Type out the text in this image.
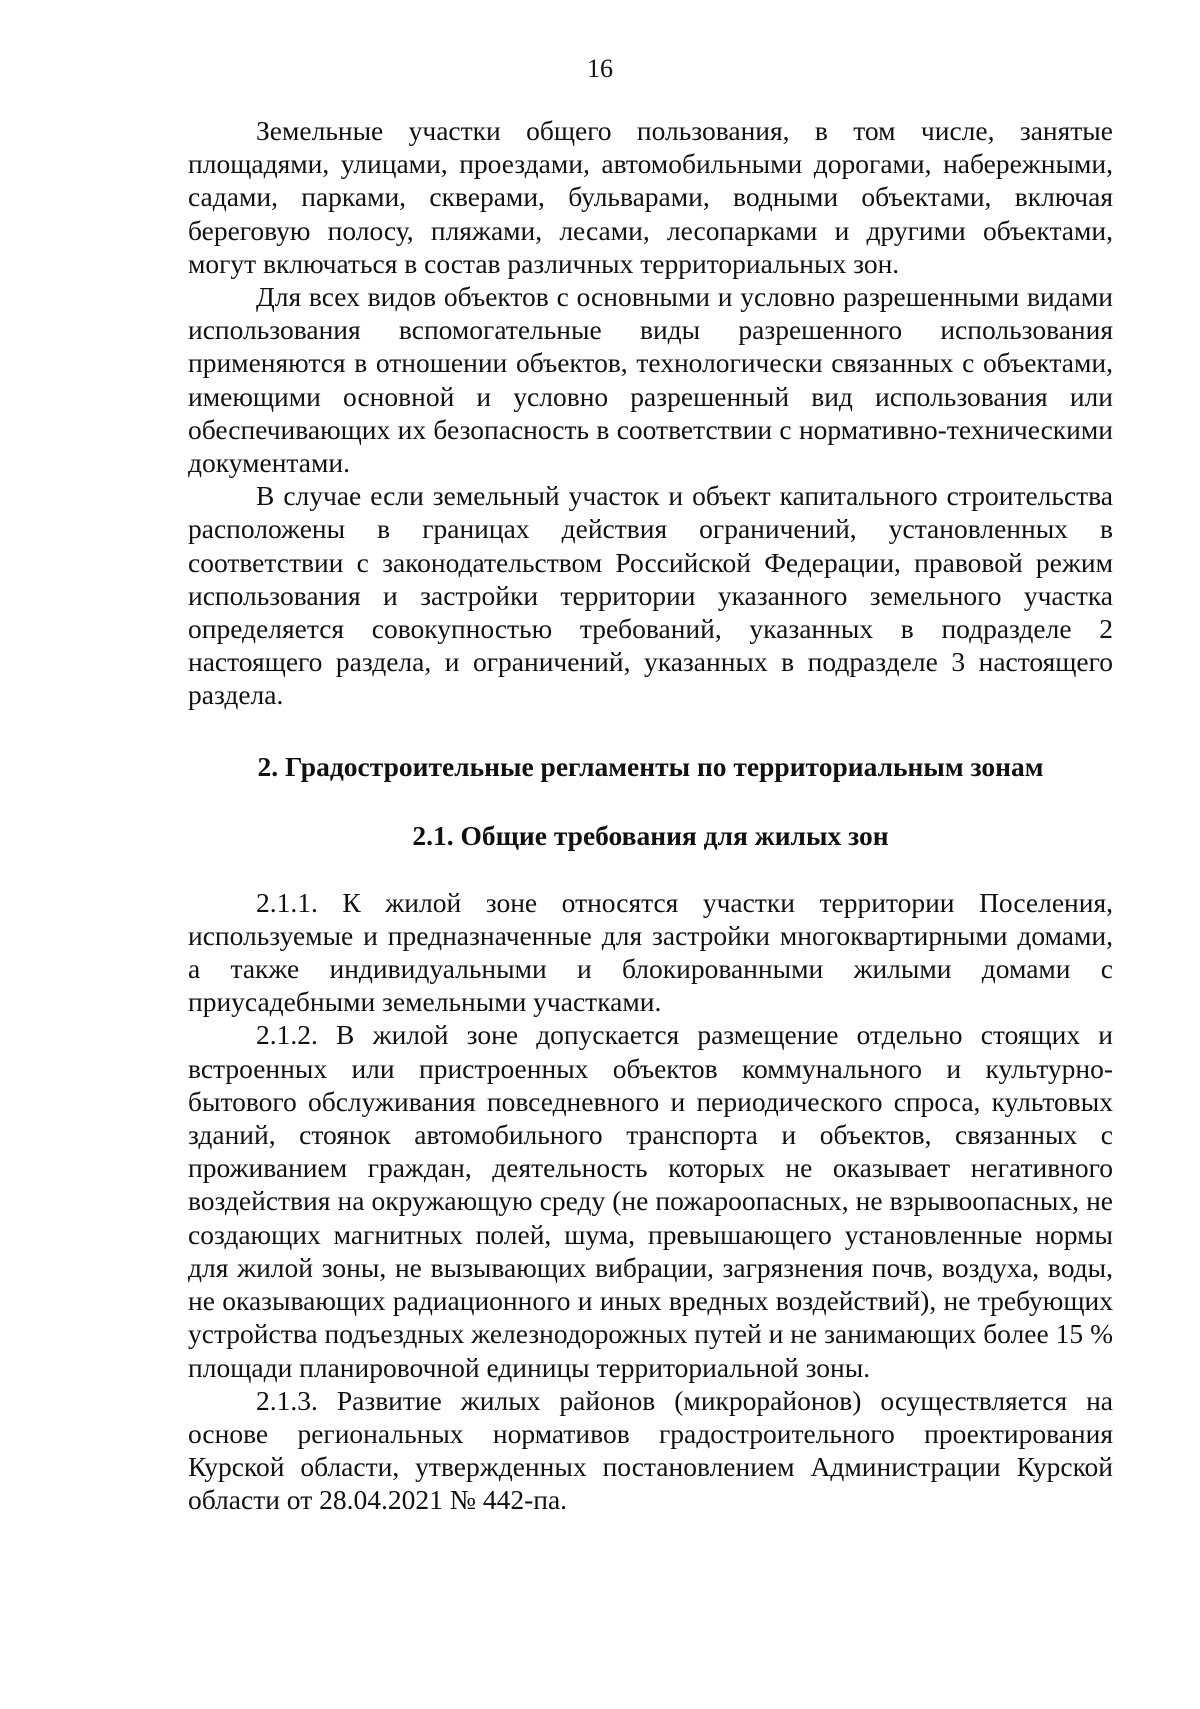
16

Земельные участки общего пользования, в том числе, занятые площадями, улицами, проездами, автомобильными дорогами, набережными, садами, парками, скверами, бульварами, водными объектами, включая береговую полосу, пляжами, лесами, лесопарками и другими объектами, могут включаться в состав различных территориальных зон.

Для всех видов объектов с основными и условно разрешенными видами использования вспомогательные виды разрешенного использования применяются в отношении объектов, технологически связанных с объектами, имеющими основной и условно разрешенный вид использования или обеспечивающих их безопасность в соответствии с нормативно-техническими документами.

В случае если земельный участок и объект капитального строительства расположены в границах действия ограничений, установленных в соответствии с законодательством Российской Федерации, правовой режим использования и застройки территории указанного земельного участка определяется совокупностью требований, указанных в подразделе 2 настоящего раздела, и ограничений, указанных в подразделе 3 настоящего раздела.

2. Градостроительные регламенты по территориальным зонам

2.1. Общие требования для жилых зон

2.1.1. К жилой зоне относятся участки территории Поселения, используемые и предназначенные для застройки многоквартирными домами, а также индивидуальными и блокированными жилыми домами с приусадебными земельными участками.

2.1.2. В жилой зоне допускается размещение отдельно стоящих и встроенных или пристроенных объектов коммунального и культурно-бытового обслуживания повседневного и периодического спроса, культовых зданий, стоянок автомобильного транспорта и объектов, связанных с проживанием граждан, деятельность которых не оказывает негативного воздействия на окружающую среду (не пожароопасных, не взрывоопасных, не создающих магнитных полей, шума, превышающего установленные нормы для жилой зоны, не вызывающих вибрации, загрязнения почв, воздуха, воды, не оказывающих радиационного и иных вредных воздействий), не требующих устройства подъездных железнодорожных путей и не занимающих более 15 % площади планировочной единицы территориальной зоны.

2.1.3. Развитие жилых районов (микрорайонов) осуществляется на основе региональных нормативов градостроительного проектирования Курской области, утвержденных постановлением Администрации Курской области от 28.04.2021 № 442-па.
